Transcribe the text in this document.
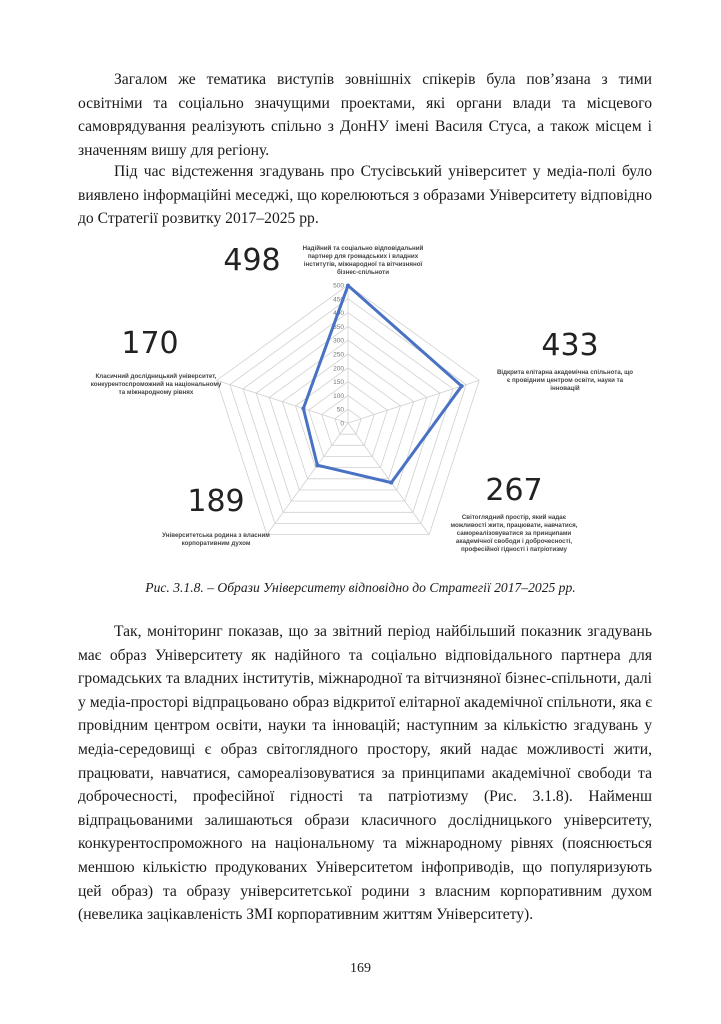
Загалом же тематика виступів зовнішніх спікерів була пов’язана з тими освітніми та соціально значущими проектами, які органи влади та місцевого самоврядування реалізують спільно з ДонНУ імені Василя Стуса, а також місцем і значенням вишу для регіону.

Під час відстеження згадувань про Стусівський університет у медіа-полі було виявлено інформаційні меседжі, що корелюються з образами Університету відповідно до Стратегії розвитку 2017–2025 рр.

0
50
100
150
200
250
300
350
400
450
500
498	Надійний та соціально відповідальний партнер для громадських і владних інститутів, міжнародної та вітчизняної бізнес-спільноти
433
Відкрита елітарна академічна спільнота, що є провідним центром освіти, науки та інновацій
267
Світоглядний простір, який надає можливості жити, працювати, навчатися, самореалізовуватися за принципами академічної свободи і доброчесності, професійної гідності і патріотизму
189
Університетська родина з власним корпоративним духом
170
Класичний дослідницький університет, конкурентоспроможний на національному та міжнародному рівнях
Рис. 3.1.8. – Образи Університету відповідно до Стратегії 2017–2025 рр.

Так, моніторинг показав, що за звітний період найбільший показник згадувань має образ Університету як надійного та соціально відповідального партнера для громадських та владних інститутів, міжнародної та вітчизняної бізнес-спільноти, далі у медіа-просторі відпрацьовано образ відкритої елітарної академічної спільноти, яка є провідним центром освіти, науки та інновацій; наступним за кількістю згадувань у медіа-середовищі є образ світоглядного простору, який надає можливості жити, працювати, навчатися, самореалізовуватися за принципами академічної свободи та доброчесності, професійної гідності та патріотизму (Рис. 3.1.8). Найменш відпрацьованими залишаються образи класичного дослідницького університету, конкурентоспроможного на національному та міжнародному рівнях (пояснюється меншою кількістю продукованих Університетом інфоприводів, що популяризують цей образ) та образу університетської родини з власним корпоративним духом (невелика зацікавленість ЗМІ корпоративним життям Університету).

169
